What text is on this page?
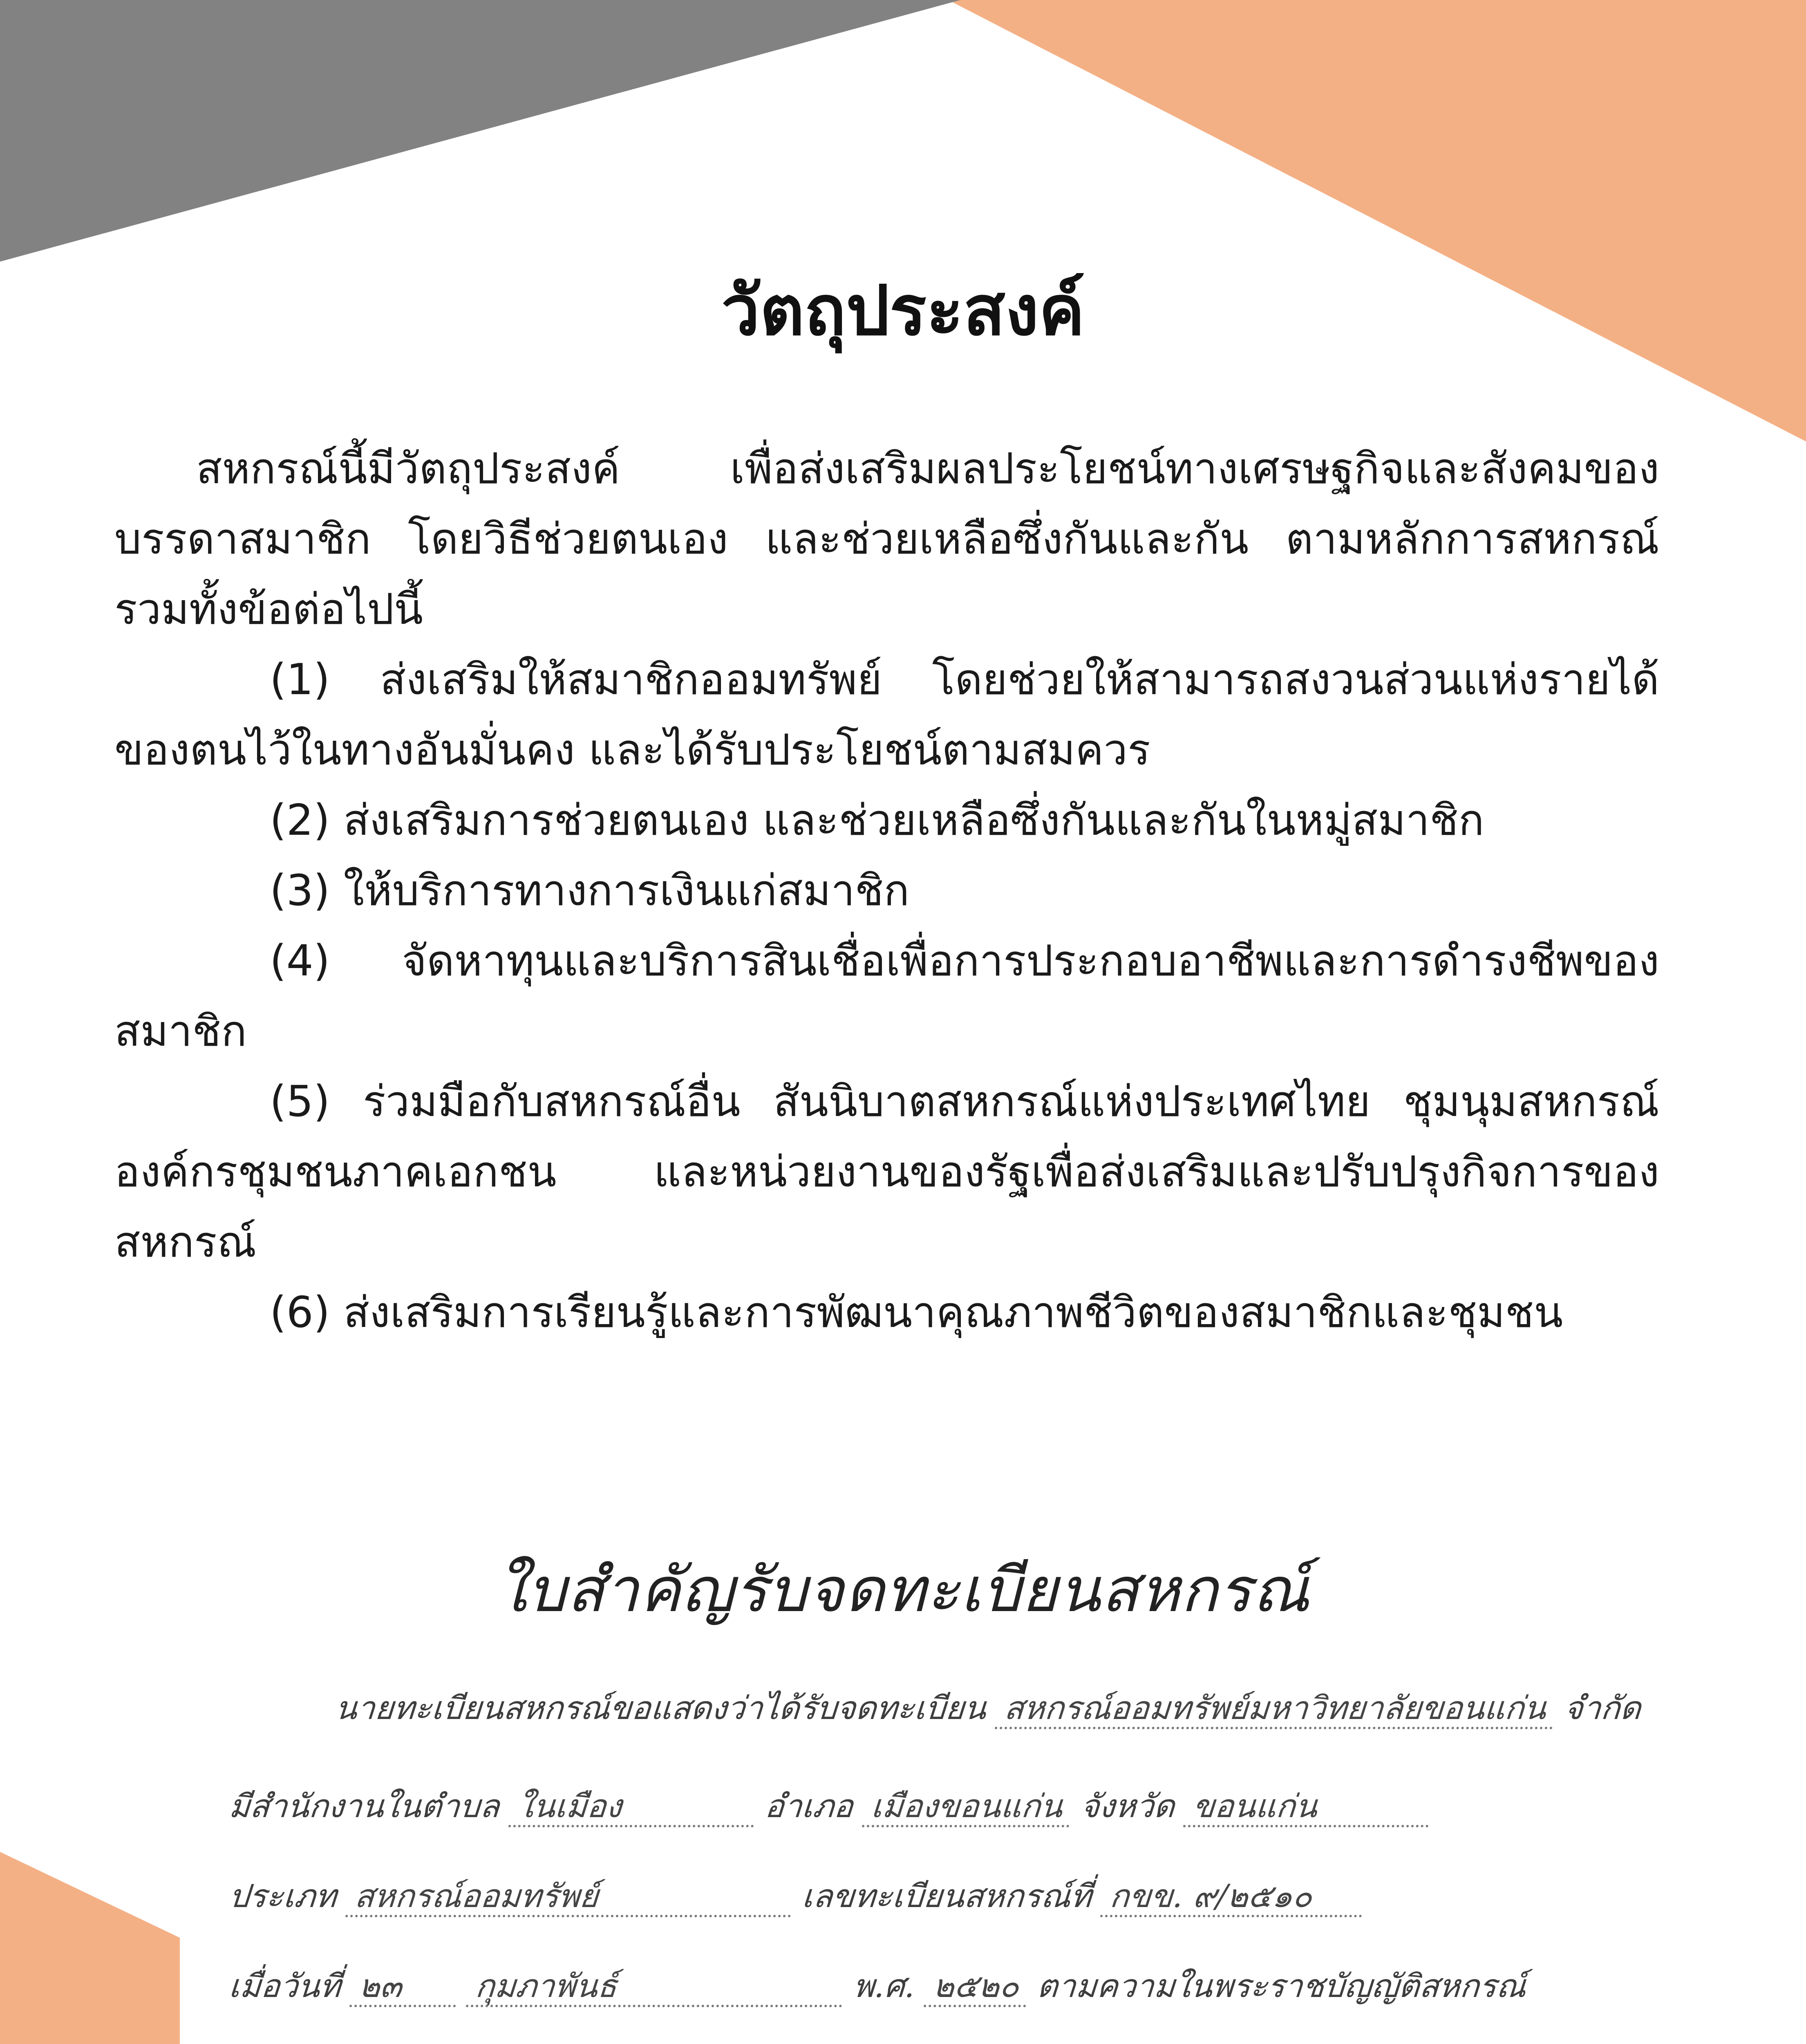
วัตถุประสงค์

สหกรณ์นี้มีวัตถุประสงค์ เพื่อส่งเสริมผลประโยชน์ทางเศรษฐกิจและสังคมของบรรดาสมาชิก โดยวิธีช่วยตนเอง และช่วยเหลือซึ่งกันและกัน ตามหลักการสหกรณ์ รวมทั้งข้อต่อไปนี้

(1) ส่งเสริมให้สมาชิกออมทรัพย์ โดยช่วยให้สามารถสงวนส่วนแห่งรายได้ของตนไว้ในทางอันมั่นคง และได้รับประโยชน์ตามสมควร

(2) ส่งเสริมการช่วยตนเอง และช่วยเหลือซึ่งกันและกันในหมู่สมาชิก

(3) ให้บริการทางการเงินแก่สมาชิก

(4) จัดหาทุนและบริการสินเชื่อเพื่อการประกอบอาชีพและการดำรงชีพของสมาชิก

(5) ร่วมมือกับสหกรณ์อื่น สันนิบาตสหกรณ์แห่งประเทศไทย ชุมนุมสหกรณ์ องค์กรชุมชนภาคเอกชน และหน่วยงานของรัฐเพื่อส่งเสริมและปรับปรุงกิจการของสหกรณ์

(6) ส่งเสริมการเรียนรู้และการพัฒนาคุณภาพชีวิตของสมาชิกและชุมชน

ใบสำคัญรับจดทะเบียนสหกรณ์
นายทะเบียนสหกรณ์ขอแสดงว่าได้รับจดทะเบียน สหกรณ์ออมทรัพย์มหาวิทยาลัยขอนแก่น จำกัด
มีสำนักงานในตำบล ในเมือง	อำเภอ เมืองขอนแก่น จังหวัด ขอนแก่น
ประเภท สหกรณ์ออมทรัพย์	เลขทะเบียนสหกรณ์ที่ กขข. ๙/๒๕๑๐
เมื่อวันที่ ๒๓ กุมภาพันธ์	พ.ศ. ๒๕๒๐ ตามความในพระราชบัญญัติสหกรณ์
